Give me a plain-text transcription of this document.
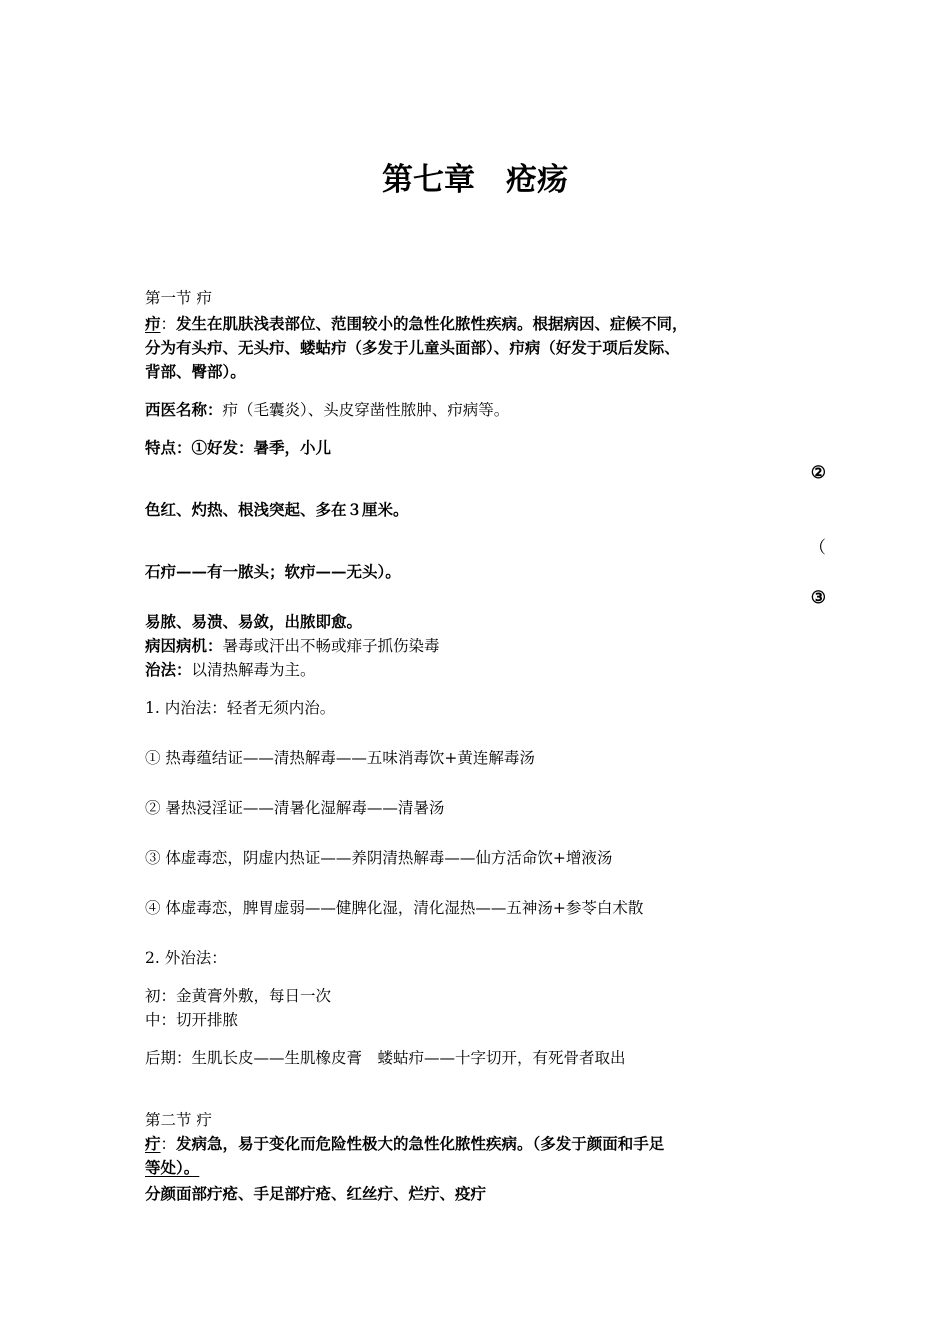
第七章　疮疡
第一节 疖
疖：发生在肌肤浅表部位、范围较小的急性化脓性疾病。根据病因、症候不同，
分为有头疖、无头疖、蝼蛄疖（多发于儿童头面部）、疖病（好发于项后发际、
背部、臀部）。
西医名称：疖（毛囊炎）、头皮穿凿性脓肿、疖病等。
特点：①好发：暑季，小儿
②
色红、灼热、根浅突起、多在３厘米。
（
石疖——有一脓头；软疖——无头）。
③
易脓、易溃、易敛，出脓即愈。
病因病机：暑毒或汗出不畅或痱子抓伤染毒
治法：以清热解毒为主。
1. 内治法：轻者无须内治。
① 热毒蕴结证——清热解毒——五味消毒饮+黄连解毒汤
② 暑热浸淫证——清暑化湿解毒——清暑汤
③ 体虚毒恋，阴虚内热证——养阴清热解毒——仙方活命饮+增液汤
④ 体虚毒恋，脾胃虚弱——健脾化湿，清化湿热——五神汤+参苓白术散
2. 外治法：
初：金黄膏外敷，每日一次
中：切开排脓
后期：生肌长皮——生肌橡皮膏　蝼蛄疖——十字切开，有死骨者取出
第二节 疔
疔：发病急，易于变化而危险性极大的急性化脓性疾病。（多发于颜面和手足
等处）。
分颜面部疔疮、手足部疔疮、红丝疔、烂疔、疫疔
